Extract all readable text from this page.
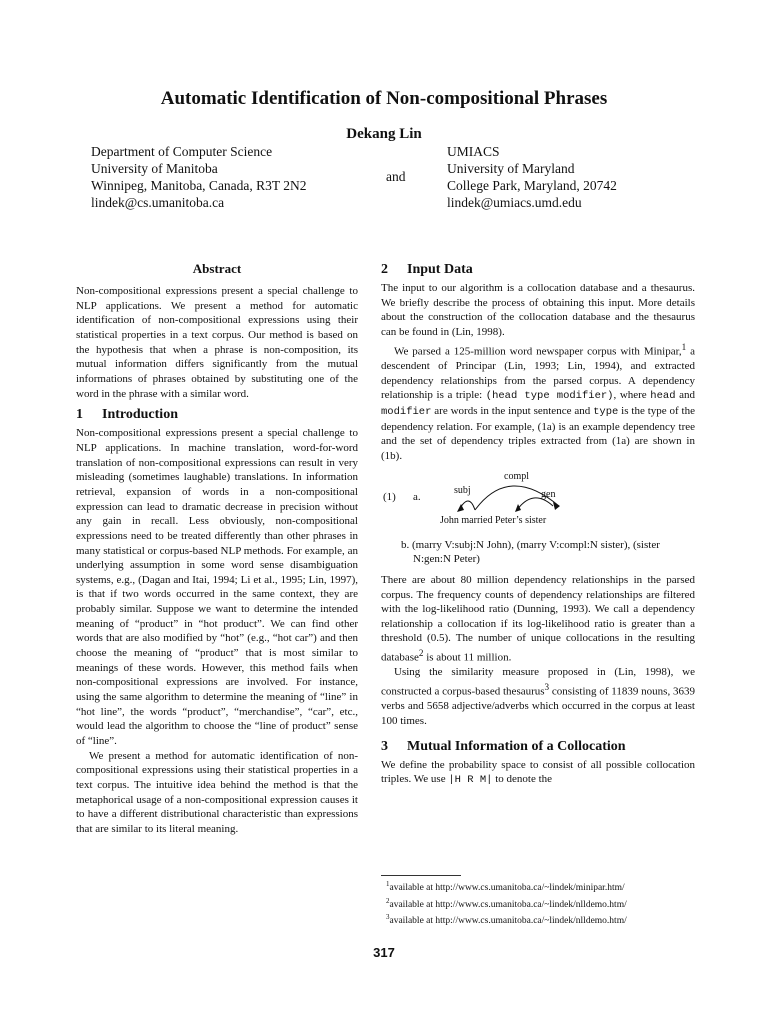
Automatic Identification of Non-compositional Phrases
Dekang Lin
Department of Computer Science
University of Manitoba
Winnipeg, Manitoba, Canada, R3T 2N2
lindek@cs.umanitoba.ca
and
UMIACS
University of Maryland
College Park, Maryland, 20742
lindek@umiacs.umd.edu
Abstract

Non-compositional expressions present a special challenge to NLP applications. We present a method for automatic identification of non-compositional expressions using their statistical properties in a text corpus. Our method is based on the hypothesis that when a phrase is non-composition, its mutual information differs significantly from the mutual informations of phrases obtained by substituting one of the word in the phrase with a similar word.

1	Introduction

Non-compositional expressions present a special challenge to NLP applications. In machine translation, word-for-word translation of non-compositional expressions can result in very misleading (sometimes laughable) translations. In information retrieval, expansion of words in a non-compositional expression can lead to dramatic decrease in precision without any gain in recall. Less obviously, non-compositional expressions need to be treated differently than other phrases in many statistical or corpus-based NLP methods. For example, an underlying assumption in some word sense disambiguation systems, e.g., (Dagan and Itai, 1994; Li et al., 1995; Lin, 1997), is that if two words occurred in the same context, they are probably similar. Suppose we want to determine the intended meaning of “product” in “hot product”. We can find other words that are also modified by “hot” (e.g., “hot car”) and then choose the meaning of “product” that is most similar to meanings of these words. However, this method fails when non-compositional expressions are involved. For instance, using the same algorithm to determine the meaning of “line” in “hot line”, the words “product”, “merchandise”, “car”, etc., would lead the algorithm to choose the “line of product” sense of “line”.

We present a method for automatic identification of non-compositional expressions using their statistical properties in a text corpus. The intuitive idea behind the method is that the metaphorical usage of a non-compositional expression causes it to have a different distributional characteristic than expressions that are similar to its literal meaning.

2	Input Data

The input to our algorithm is a collocation database and a thesaurus. We briefly describe the process of obtaining this input. More details about the construction of the collocation database and the thesaurus can be found in (Lin, 1998).

We parsed a 125-million word newspaper corpus with Minipar,$^1$ a descendent of Principar (Lin, 1993; Lin, 1994), and extracted dependency relationships from the parsed corpus. A dependency relationship is a triple: (head type modifier), where head and modifier are words in the input sentence and type is the type of the dependency relation. For example, (1a) is an example dependency tree and the set of dependency triples extracted from (1a) are shown in (1b).

(1) a.
compl
subj	gen
John married Peter’s sister

b. (marry V:subj:N John), (marry V:compl:N sister), (sister N:gen:N Peter)

There are about 80 million dependency relationships in the parsed corpus. The frequency counts of dependency relationships are filtered with the log-likelihood ratio (Dunning, 1993). We call a dependency relationship a collocation if its log-likelihood ratio is greater than a threshold (0.5). The number of unique collocations in the resulting database$^2$ is about 11 million.

Using the similarity measure proposed in (Lin, 1998), we constructed a corpus-based thesaurus$^3$ consisting of 11839 nouns, 3639 verbs and 5658 adjective/adverbs which occurred in the corpus at least 100 times.

3	Mutual Information of a Collocation

We define the probability space to consist of all possible collocation triples. We use |H R M| to denote the

$^1$available at http://www.cs.umanitoba.ca/~lindek/minipar.htm/
$^2$available at http://www.cs.umanitoba.ca/~lindek/nlldemo.htm/
$^3$available at http://www.cs.umanitoba.ca/~lindek/nlldemo.htm/
317
